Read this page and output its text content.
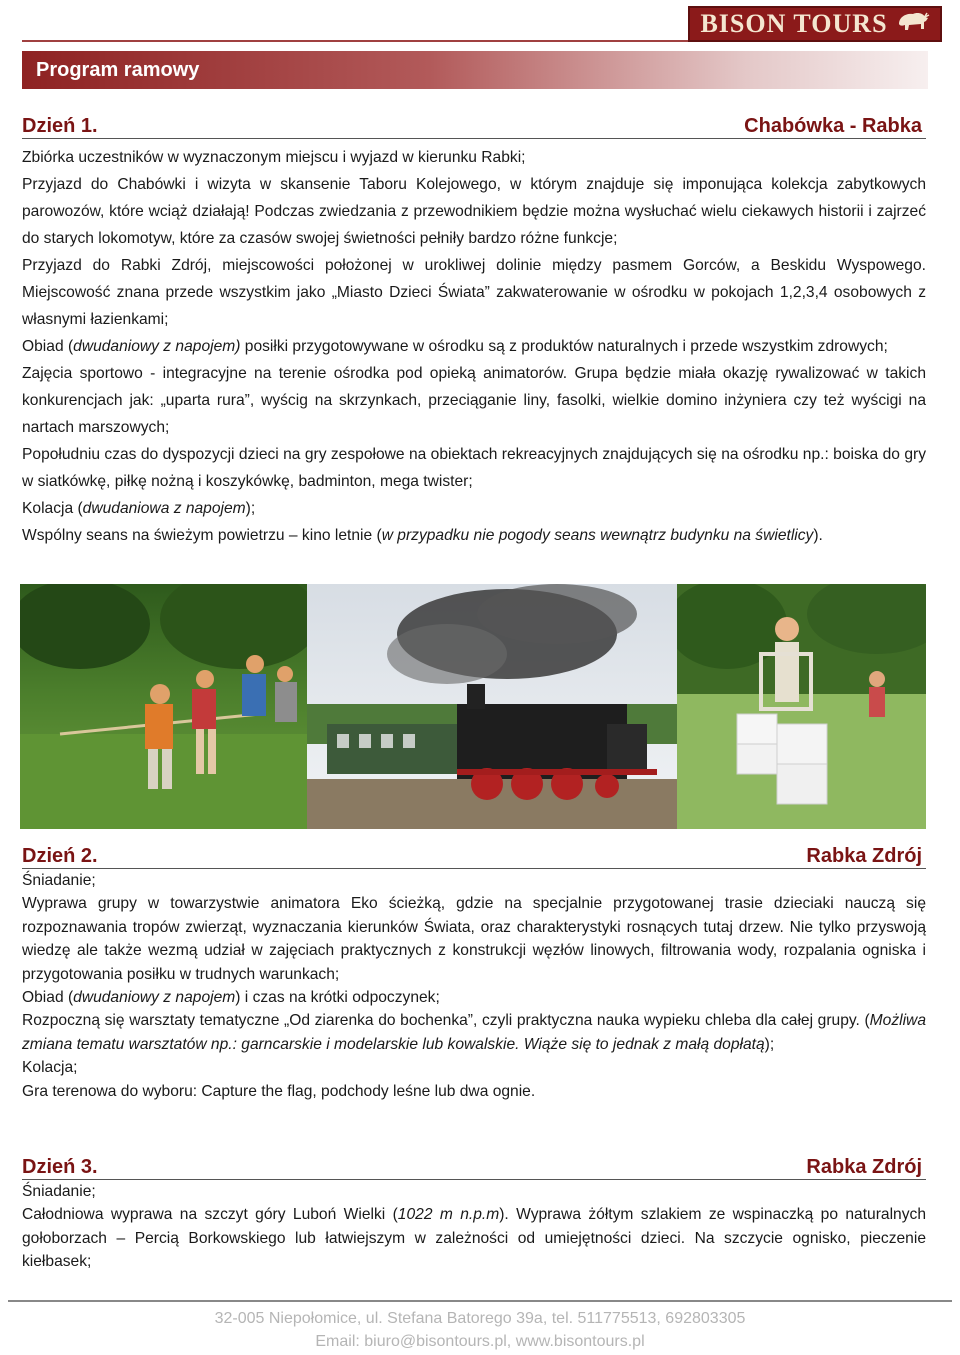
BISON TOURS
Program ramowy
Dzień 1.	Chabówka - Rabka

Zbiórka uczestników w wyznaczonym miejscu i wyjazd w kierunku Rabki;

Przyjazd do Chabówki i wizyta w skansenie Taboru Kolejowego, w którym znajduje się imponująca kolekcja zabytkowych parowozów, które wciąż działają! Podczas zwiedzania z przewodnikiem będzie można wysłuchać wielu ciekawych historii i zajrzeć do starych lokomotyw, które za czasów swojej świetności pełniły bardzo różne funkcje;

Przyjazd do Rabki Zdrój, miejscowości położonej w urokliwej dolinie między pasmem Gorców, a Beskidu Wyspowego. Miejscowość znana przede wszystkim jako „Miasto Dzieci Świata” zakwaterowanie w ośrodku w pokojach 1,2,3,4 osobowych z własnymi łazienkami;

Obiad (dwudaniowy z napojem) posiłki przygotowywane w ośrodku są z produktów naturalnych i przede wszystkim zdrowych;

Zajęcia sportowo - integracyjne na terenie ośrodka pod opieką animatorów. Grupa będzie miała okazję rywalizować w takich konkurencjach jak: „uparta rura”, wyścig na skrzynkach, przeciąganie liny, fasolki, wielkie domino inżyniera czy też wyścigi na nartach marszowych;

Popołudniu czas do dyspozycji dzieci na gry zespołowe na obiektach rekreacyjnych znajdujących się na ośrodku np.: boiska do gry w siatkówkę, piłkę nożną i koszykówkę, badminton, mega twister;

Kolacja (dwudaniowa z napojem);

Wspólny seans na świeżym powietrzu – kino letnie (w przypadku nie pogody seans wewnątrz budynku na świetlicy).

Dzień 2.	Rabka Zdrój

Śniadanie;

Wyprawa grupy w towarzystwie animatora Eko ścieżką, gdzie na specjalnie przygotowanej trasie dzieciaki nauczą się rozpoznawania tropów zwierząt, wyznaczania kierunków Świata, oraz charakterystyki rosnących tutaj drzew. Nie tylko przyswoją wiedzę ale także wezmą udział w zajęciach praktycznych z konstrukcji węzłów linowych, filtrowania wody, rozpalania ogniska i przygotowania posiłku w trudnych warunkach;

Obiad (dwudaniowy z napojem) i czas na krótki odpoczynek;

Rozpoczną się warsztaty tematyczne „Od ziarenka do bochenka”, czyli praktyczna nauka wypieku chleba dla całej grupy. (Możliwa zmiana tematu warsztatów np.: garncarskie i modelarskie lub kowalskie. Wiąże się to jednak z małą dopłatą);

Kolacja;

Gra terenowa do wyboru: Capture the flag, podchody leśne lub dwa ognie.

Dzień 3.	Rabka Zdrój

Śniadanie;

Całodniowa wyprawa na szczyt góry Luboń Wielki (1022 m n.p.m). Wyprawa żółtym szlakiem ze wspinaczką po naturalnych gołoborzach – Percią Borkowskiego lub łatwiejszym w zależności od umiejętności dzieci. Na szczycie ognisko, pieczenie kiełbasek;

32-005 Niepołomice, ul. Stefana Batorego 39a, tel. 511775513, 692803305
Email: biuro@bisontours.pl, www.bisontours.pl
